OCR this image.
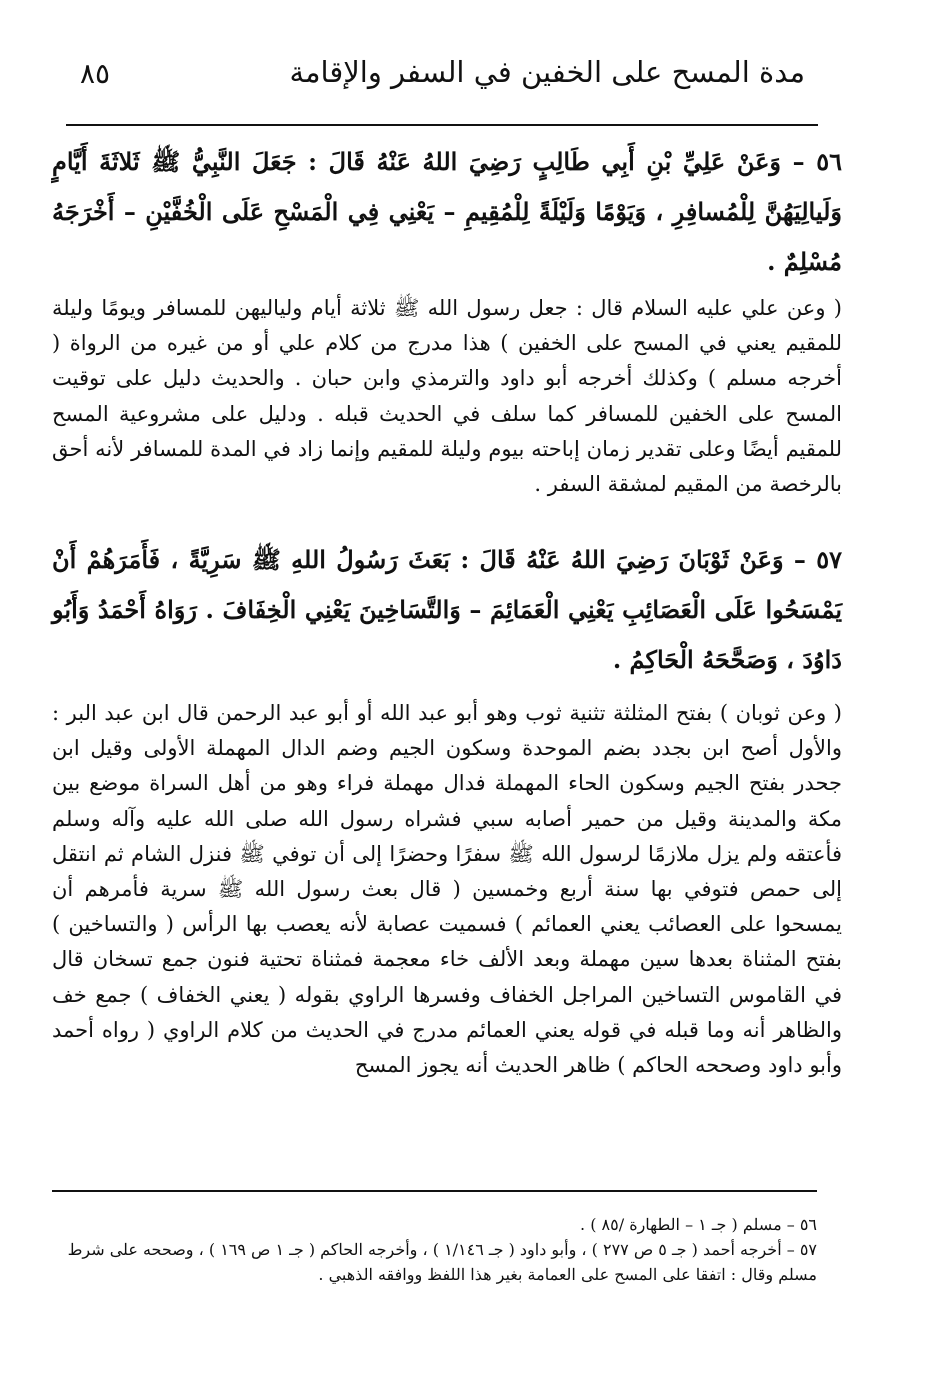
٨٥	مدة المسح على الخفين في السفر والإقامة

٥٦ – وَعَنْ عَلِيِّ بْنِ أَبِي طَالِبٍ رَضِيَ اللهُ عَنْهُ قَالَ : جَعَلَ النَّبِيُّ ﷺ ثَلاثَةَ أَيَّامٍ وَلَيالِيَهُنَّ لِلْمُسافِرِ ، وَيَوْمًا وَلَيْلَةً لِلْمُقِيمِ – يَعْنِي فِي الْمَسْحِ عَلَى الْخُفَّيْنِ – أَخْرَجَهُ مُسْلِمٌ .

( وعن علي عليه السلام قال : جعل رسول الله ﷺ ثلاثة أيام ولياليهن للمسافر ويومًا وليلة للمقيم يعني في المسح على الخفين ) هذا مدرج من كلام علي أو من غيره من الرواة ( أخرجه مسلم ) وكذلك أخرجه أبو داود والترمذي وابن حبان . والحديث دليل على توقيت المسح على الخفين للمسافر كما سلف في الحديث قبله . ودليل على مشروعية المسح للمقيم أيضًا وعلى تقدير زمان إباحته بيوم وليلة للمقيم وإنما زاد في المدة للمسافر لأنه أحق بالرخصة من المقيم لمشقة السفر .

٥٧ – وَعَنْ ثَوْبَانَ رَضِيَ اللهُ عَنْهُ قَالَ : بَعَثَ رَسُولُ اللهِ ﷺ سَرِيَّةً ، فَأَمَرَهُمْ أَنْ يَمْسَحُوا عَلَى الْعَصَائِبِ يَعْنِي الْعَمَائِمَ – وَالتَّسَاخِينَ يَعْنِي الْخِفَافَ . رَوَاهُ أَحْمَدُ وَأَبُو دَاوُدَ ، وَصَحَّحَهُ الْحَاكِمُ .

( وعن ثوبان ) بفتح المثلثة تثنية ثوب وهو أبو عبد الله أو أبو عبد الرحمن قال ابن عبد البر : والأول أصح ابن بجدد بضم الموحدة وسكون الجيم وضم الدال المهملة الأولى وقيل ابن جحدر بفتح الجيم وسكون الحاء المهملة فدال مهملة فراء وهو من أهل السراة موضع بين مكة والمدينة وقيل من حمير أصابه سبي فشراه رسول الله صلى الله عليه وآله وسلم فأعتقه ولم يزل ملازمًا لرسول الله ﷺ سفرًا وحضرًا إلى أن توفي ﷺ فنزل الشام ثم انتقل إلى حمص فتوفي بها سنة أربع وخمسين ( قال بعث رسول الله ﷺ سرية فأمرهم أن يمسحوا على العصائب يعني العمائم ) فسميت عصابة لأنه يعصب بها الرأس ( والتساخين ) بفتح المثناة بعدها سين مهملة وبعد الألف خاء معجمة فمثناة تحتية فنون جمع تسخان قال في القاموس التساخين المراجل الخفاف وفسرها الراوي بقوله ( يعني الخفاف ) جمع خف والظاهر أنه وما قبله في قوله يعني العمائم مدرج في الحديث من كلام الراوي ( رواه أحمد وأبو داود وصححه الحاكم ) ظاهر الحديث أنه يجوز المسح

٥٦ – مسلم ( جـ ١ – الطهارة /٨٥ ) .

٥٧ – أخرجه أحمد ( جـ ٥ ص ٢٧٧ ) ، وأبو داود ( جـ ١/١٤٦ ) ، وأخرجه الحاكم ( جـ ١ ص ١٦٩ ) ، وصححه على شرط مسلم وقال : اتفقا على المسح على العمامة بغير هذا اللفظ ووافقه الذهبي .
